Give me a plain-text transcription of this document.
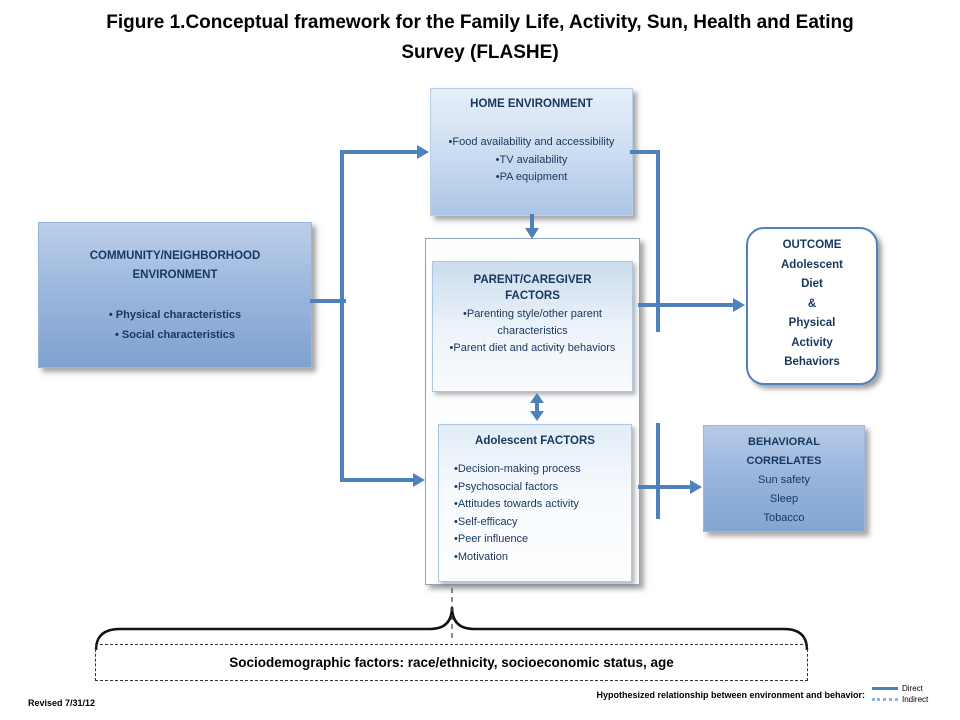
Figure 1.Conceptual framework for the Family Life, Activity, Sun, Health and Eating
Survey (FLASHE)
COMMUNITY/NEIGHBORHOOD ENVIRONMENT
• Physical characteristics
• Social characteristics
HOME ENVIRONMENT
•Food availability and accessibility
•TV availability
•PA equipment
PARENT/CAREGIVER FACTORS
•Parenting style/other parent characteristics
•Parent diet and activity behaviors
Adolescent FACTORS
•Decision-making process
•Psychosocial factors
•Attitudes towards activity
•Self-efficacy
•Peer influence
•Motivation
OUTCOME
Adolescent
Diet
&
Physical
Activity
Behaviors
BEHAVIORAL CORRELATES
Sun safety
Sleep
Tobacco
Sociodemographic factors: race/ethnicity, socioeconomic status, age
Revised 7/31/12
Hypothesized relationship between environment and behavior:
Direct
Indirect
